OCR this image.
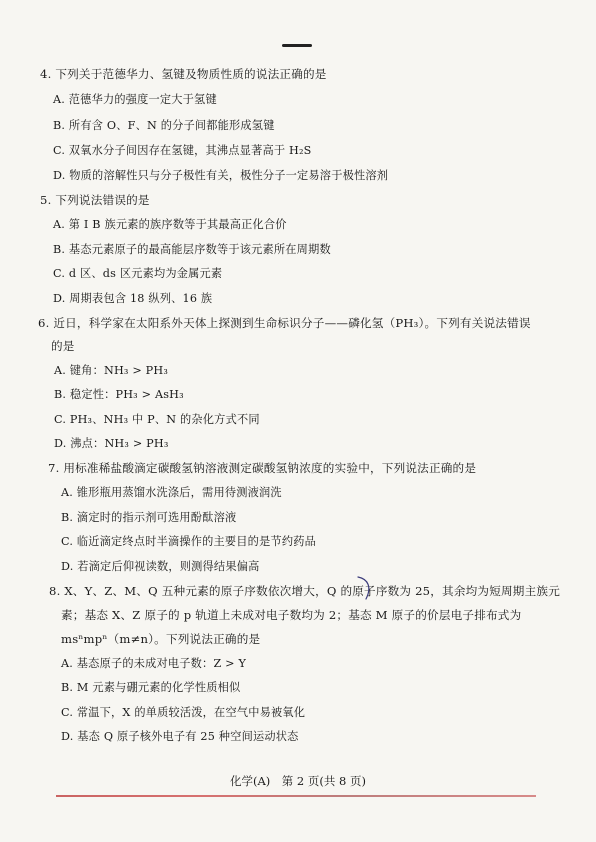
4. 下列关于范德华力、氢键及物质性质的说法正确的是
A. 范德华力的强度一定大于氢键
B. 所有含 O、F、N 的分子间都能形成氢键
C. 双氧水分子间因存在氢键，其沸点显著高于 H₂S
D. 物质的溶解性只与分子极性有关，极性分子一定易溶于极性溶剂
5. 下列说法错误的是
A. 第 I B 族元素的族序数等于其最高正化合价
B. 基态元素原子的最高能层序数等于该元素所在周期数
C. d 区、ds 区元素均为金属元素
D. 周期表包含 18 纵列、16 族
6. 近日，科学家在太阳系外天体上探测到生命标识分子——磷化氢（PH₃）。下列有关说法错误
的是
A. 键角：NH₃ > PH₃
B. 稳定性：PH₃ > AsH₃
C. PH₃、NH₃ 中 P、N 的杂化方式不同
D. 沸点：NH₃ > PH₃
7. 用标准稀盐酸滴定碳酸氢钠溶液测定碳酸氢钠浓度的实验中，下列说法正确的是
A. 锥形瓶用蒸馏水洗涤后，需用待测液润洗
B. 滴定时的指示剂可选用酚酞溶液
C. 临近滴定终点时半滴操作的主要目的是节约药品
D. 若滴定后仰视读数，则测得结果偏高
8. X、Y、Z、M、Q 五种元素的原子序数依次增大，Q 的原子序数为 25，其余均为短周期主族元
素；基态 X、Z 原子的 p 轨道上未成对电子数均为 2；基态 M 原子的价层电子排布式为
msⁿmpⁿ（m≠n）。下列说法正确的是
A. 基态原子的未成对电子数：Z > Y
B. M 元素与硼元素的化学性质相似
C. 常温下，X 的单质较活泼，在空气中易被氧化
D. 基态 Q 原子核外电子有 25 种空间运动状态
化学(A)　第 2 页(共 8 页)
